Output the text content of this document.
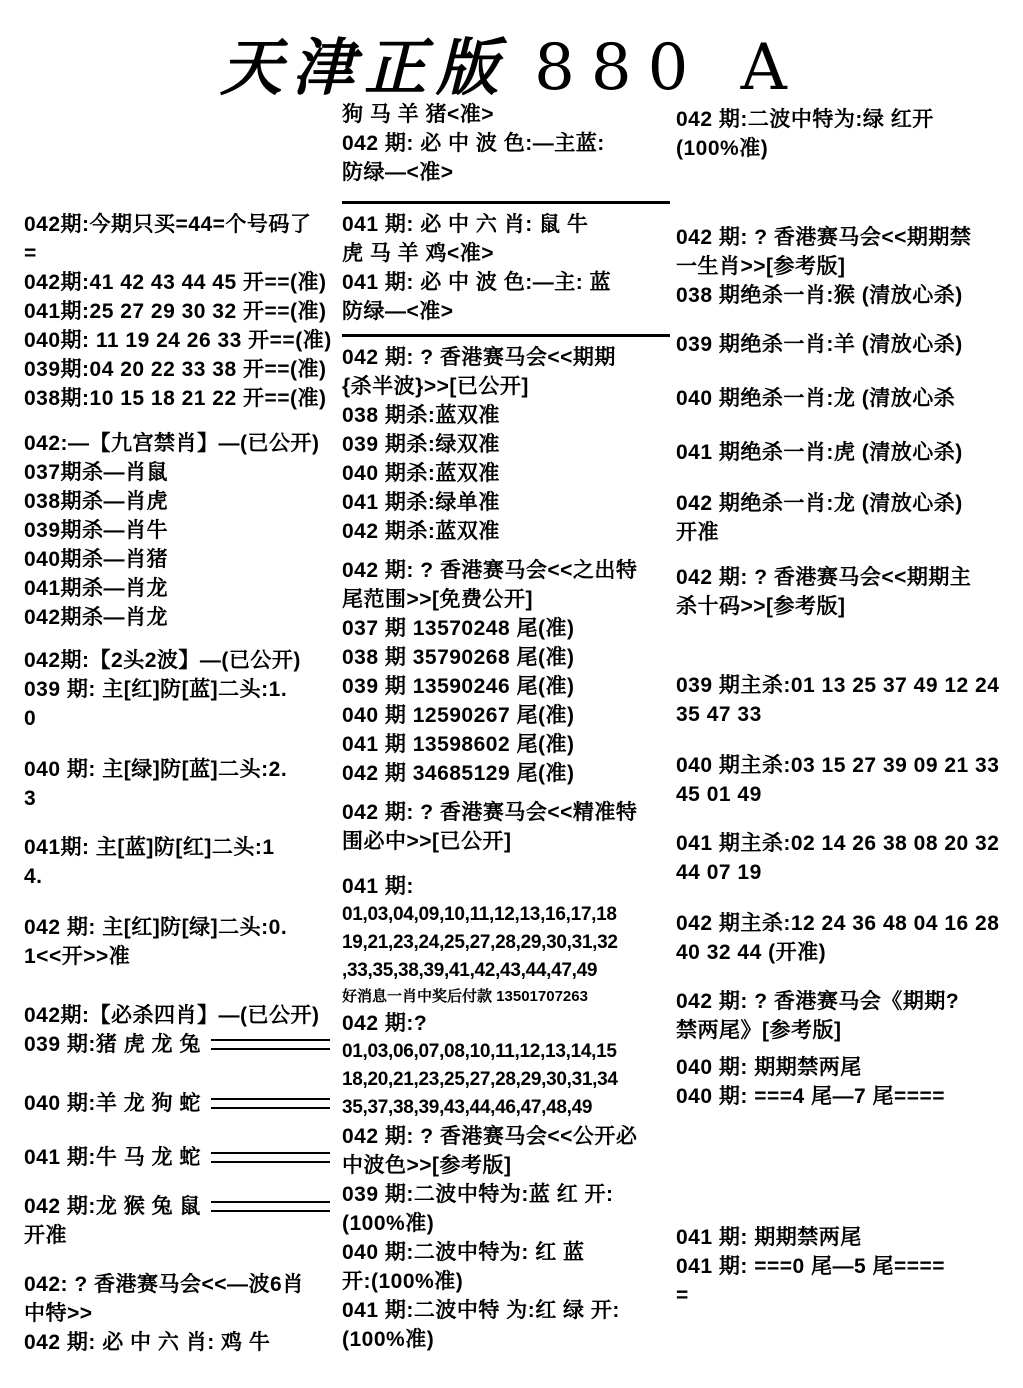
天津正版 880 A
042期:今期只买=44=个号码了
=
042期:41 42 43 44 45 开==(准)
041期:25 27 29 30 32 开==(准)
040期: 11 19 24 26 33 开==(准)
039期:04 20 22 33 38 开==(准)
038期:10 15 18 21 22 开==(准)
042:—【九宫禁肖】—(已公开)
037期杀—肖鼠
038期杀—肖虎
039期杀—肖牛
040期杀—肖猪
041期杀—肖龙
042期杀—肖龙
042期:【2头2波】—(已公开)
039 期: 主[红]防[蓝]二头:1.
0
040 期: 主[绿]防[蓝]二头:2.
3
041期: 主[蓝]防[红]二头:1
4.
042 期: 主[红]防[绿]二头:0.
1<<开>>准
042期:【必杀四肖】—(已公开)
039 期:猪 虎 龙 兔
040 期:羊 龙 狗 蛇
041 期:牛 马 龙 蛇
042 期:龙 猴 兔 鼠
开准
042: ? 香港赛马会<<—波6肖
中特>>
042 期: 必 中 六 肖: 鸡 牛
狗 马 羊 猪<准>
042 期: 必 中 波 色:—主蓝:
防绿—<准>
041 期: 必 中 六 肖: 鼠 牛
虎 马 羊 鸡<准>
041 期: 必 中 波 色:—主: 蓝
防绿—<准>
042 期: ? 香港赛马会<<期期
{杀半波}>>[已公开]
038 期杀:蓝双准
039 期杀:绿双准
040 期杀:蓝双准
041 期杀:绿单准
042 期杀:蓝双准
042 期: ? 香港赛马会<<之出特
尾范围>>[免费公开]
037 期 13570248 尾(准)
038 期 35790268 尾(准)
039 期 13590246 尾(准)
040 期 12590267 尾(准)
041 期 13598602 尾(准)
042 期 34685129 尾(准)
042 期: ? 香港赛马会<<精准特
围必中>>[已公开]
041 期:
01,03,04,09,10,11,12,13,16,17,18
19,21,23,24,25,27,28,29,30,31,32
,33,35,38,39,41,42,43,44,47,49
好消息一肖中奖后付款 13501707263
042 期:?
01,03,06,07,08,10,11,12,13,14,15
18,20,21,23,25,27,28,29,30,31,34
35,37,38,39,43,44,46,47,48,49
042 期: ? 香港赛马会<<公开必
中波色>>[参考版]
039 期:二波中特为:蓝 红 开:
(100%准)
040 期:二波中特为: 红 蓝
开:(100%准)
041 期:二波中特 为:红 绿 开:
(100%准)
042 期:二波中特为:绿 红开
(100%准)
042 期: ? 香港赛马会<<期期禁
一生肖>>[参考版]
038 期绝杀一肖:猴 (清放心杀)
039 期绝杀一肖:羊 (清放心杀)
040 期绝杀一肖:龙 (清放心杀
041 期绝杀一肖:虎 (清放心杀)
042 期绝杀一肖:龙 (清放心杀)
开准
042 期: ? 香港赛马会<<期期主
杀十码>>[参考版]
039 期主杀:01 13 25 37 49 12 24
35 47 33
040 期主杀:03 15 27 39 09 21 33
45 01 49
041 期主杀:02 14 26 38 08 20 32
44 07 19
042 期主杀:12 24 36 48 04 16 28
40 32 44 (开准)
042 期: ? 香港赛马会《期期?
禁两尾》[参考版]
040 期: 期期禁两尾
040 期: ===4 尾—7 尾====
041 期: 期期禁两尾
041 期: ===0 尾—5 尾====
=
